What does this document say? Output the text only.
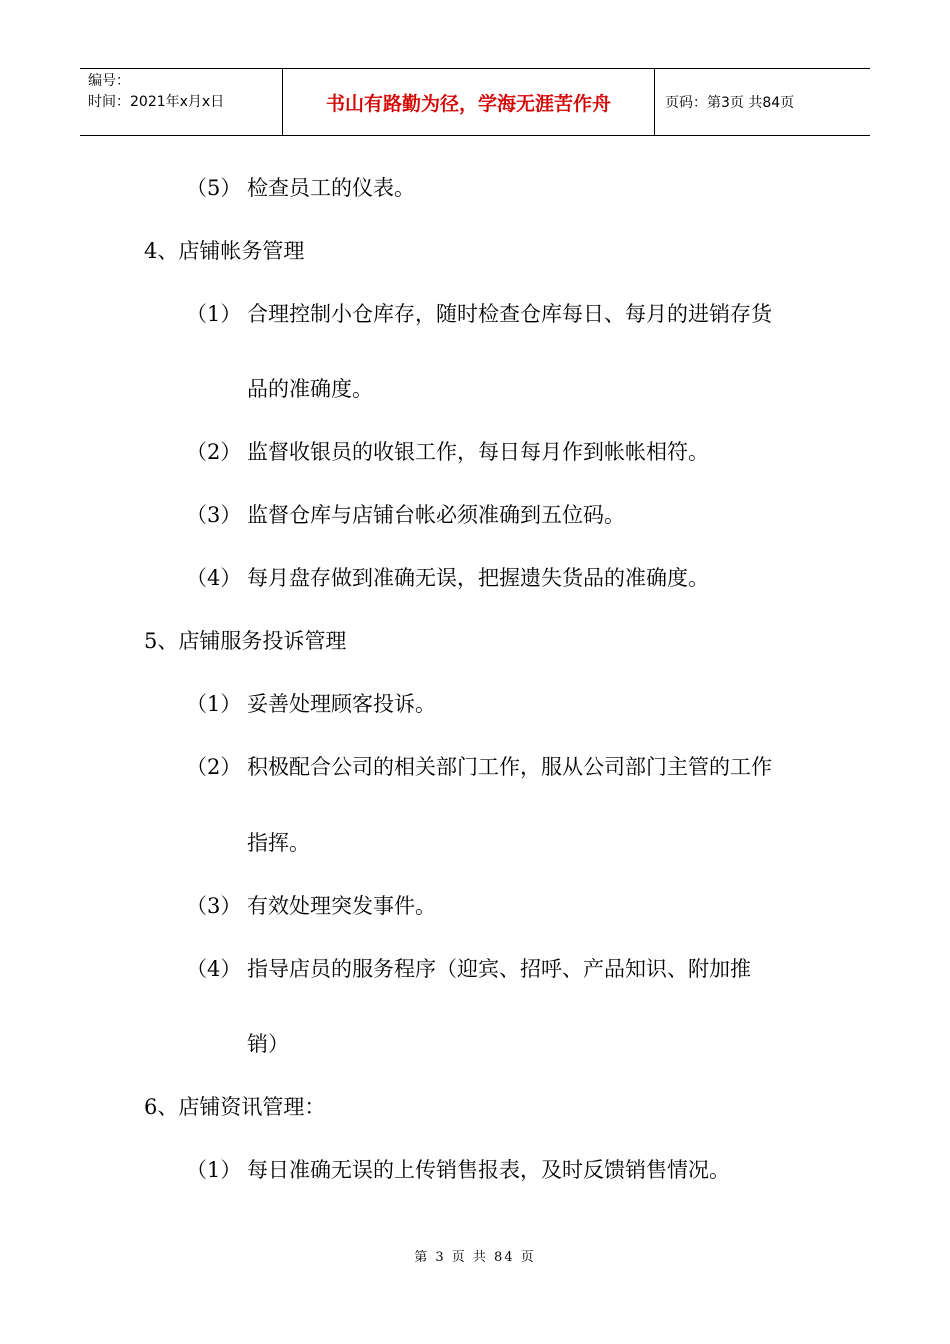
编号：
时间：2021年x月x日	书山有路勤为径，学海无涯苦作舟	页码：第3页 共84页
（5） 检查员工的仪表。
4、店铺帐务管理
（1） 合理控制小仓库存，随时检查仓库每日、每月的进销存货
品的准确度。
（2） 监督收银员的收银工作，每日每月作到帐帐相符。
（3） 监督仓库与店铺台帐必须准确到五位码。
（4） 每月盘存做到准确无误，把握遗失货品的准确度。
5、店铺服务投诉管理
（1） 妥善处理顾客投诉。
（2） 积极配合公司的相关部门工作，服从公司部门主管的工作
指挥。
（3） 有效处理突发事件。
（4） 指导店员的服务程序（迎宾、招呼、产品知识、附加推
销）
6、店铺资讯管理：
（1） 每日准确无误的上传销售报表，及时反馈销售情况。
第 3 页 共 84 页
